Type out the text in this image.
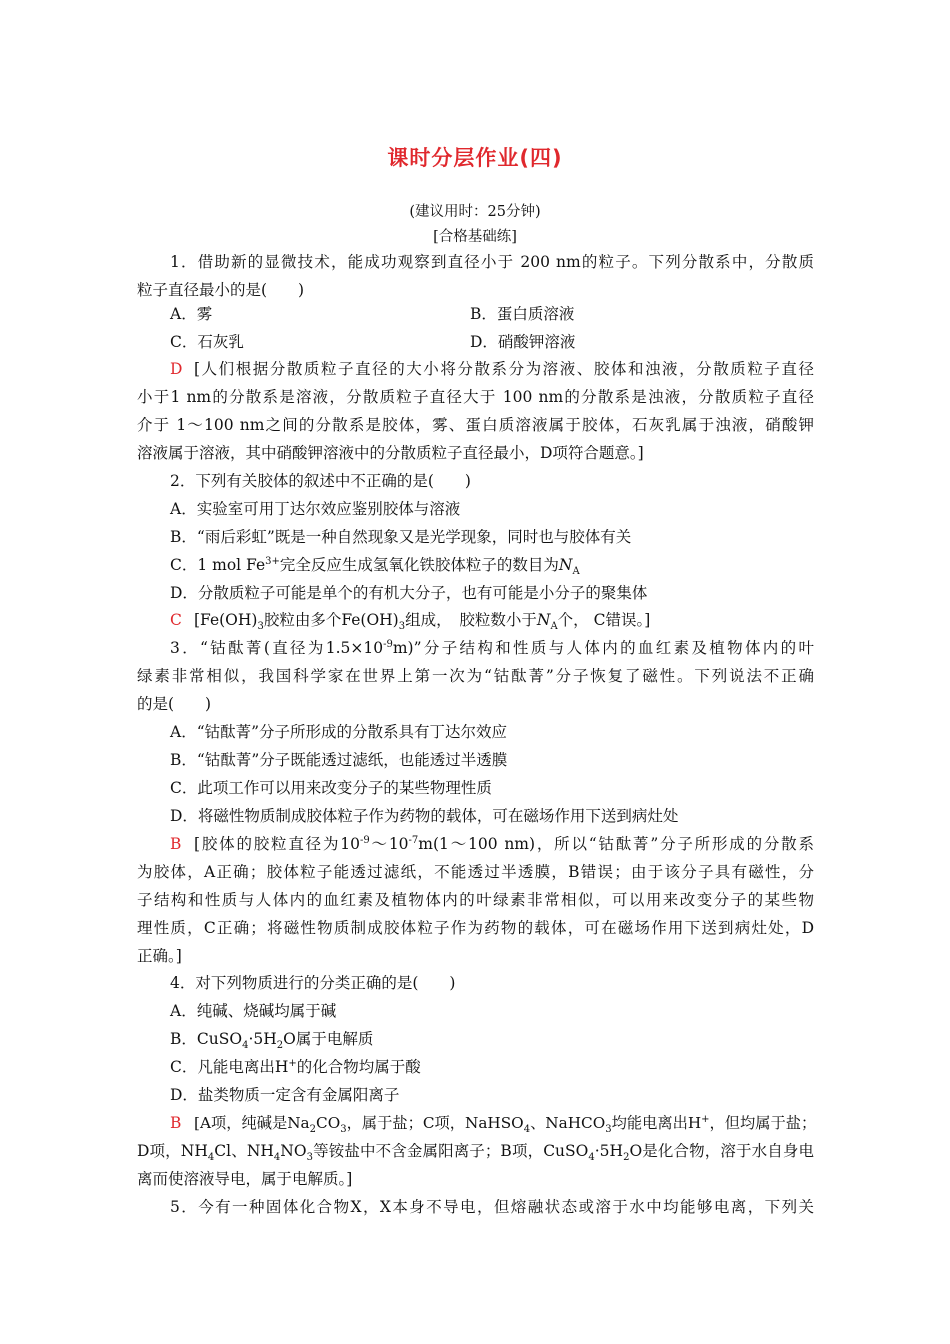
课时分层作业(四)
(建议用时：25分钟)
[合格基础练]
1．借助新的显微技术，能成功观察到直径小于 200 nm的粒子。下列分散系中，分散质
粒子直径最小的是(　　)
A．雾	B．蛋白质溶液
C．石灰乳	D．硝酸钾溶液
D [人们根据分散质粒子直径的大小将分散系分为溶液、胶体和浊液，分散质粒子直径
小于1 nm的分散系是溶液，分散质粒子直径大于 100 nm的分散系是浊液，分散质粒子直径
介于 1～100 nm之间的分散系是胶体，雾、蛋白质溶液属于胶体，石灰乳属于浊液，硝酸钾
溶液属于溶液，其中硝酸钾溶液中的分散质粒子直径最小，D项符合题意。]
2．下列有关胶体的叙述中不正确的是(　　)
A．实验室可用丁达尔效应鉴别胶体与溶液
B．“雨后彩虹”既是一种自然现象又是光学现象，同时也与胶体有关
C．1 mol $Fe^{3+}$完全反应生成氢氧化铁胶体粒子的数目为$N_A$
D．分散质粒子可能是单个的有机大分子，也有可能是小分子的聚集体
C [$Fe(OH)_3$胶粒由多个$Fe(OH)_3$组成，　胶粒数小于$N_A$个， C错误。]
3．“钴酞菁(直径为$1.5\times 10^{-9}m$)”分子结构和性质与人体内的血红素及植物体内的叶
绿素非常相似，我国科学家在世界上第一次为“钴酞菁”分子恢复了磁性。下列说法不正确
的是(　　)
A．“钴酞菁”分子所形成的分散系具有丁达尔效应
B．“钴酞菁”分子既能透过滤纸，也能透过半透膜
C．此项工作可以用来改变分子的某些物理性质
D．将磁性物质制成胶体粒子作为药物的载体，可在磁场作用下送到病灶处
B [胶体的胶粒直径为$10^{-9}\sim 10^{-7}m(1\sim 100$ nm)，所以“钴酞菁”分子所形成的分散系
为胶体，A正确；胶体粒子能透过滤纸，不能透过半透膜，B错误；由于该分子具有磁性，分
子结构和性质与人体内的血红素及植物体内的叶绿素非常相似，可以用来改变分子的某些物
理性质，C正确；将磁性物质制成胶体粒子作为药物的载体，可在磁场作用下送到病灶处，D
正确。]
4．对下列物质进行的分类正确的是(　　)
A．纯碱、烧碱均属于碱
B．$CuSO_4\cdot 5H_2O$属于电解质
C．凡能电离出H+的化合物均属于酸
D．盐类物质一定含有金属阳离子
B [A项，纯碱是$Na_2CO_3$，属于盐；C项，NaHSO$_4$、NaHCO$_3$均能电离出H+，但均属于盐；
D项，$NH_4Cl$、$NH_4NO_3$等铵盐中不含金属阳离子；B项，$CuSO_4\cdot 5H_2O$是化合物，溶于水自身电
离而使溶液导电，属于电解质。]
5．今有一种固体化合物X，X本身不导电，但熔融状态或溶于水中均能够电离，下列关
